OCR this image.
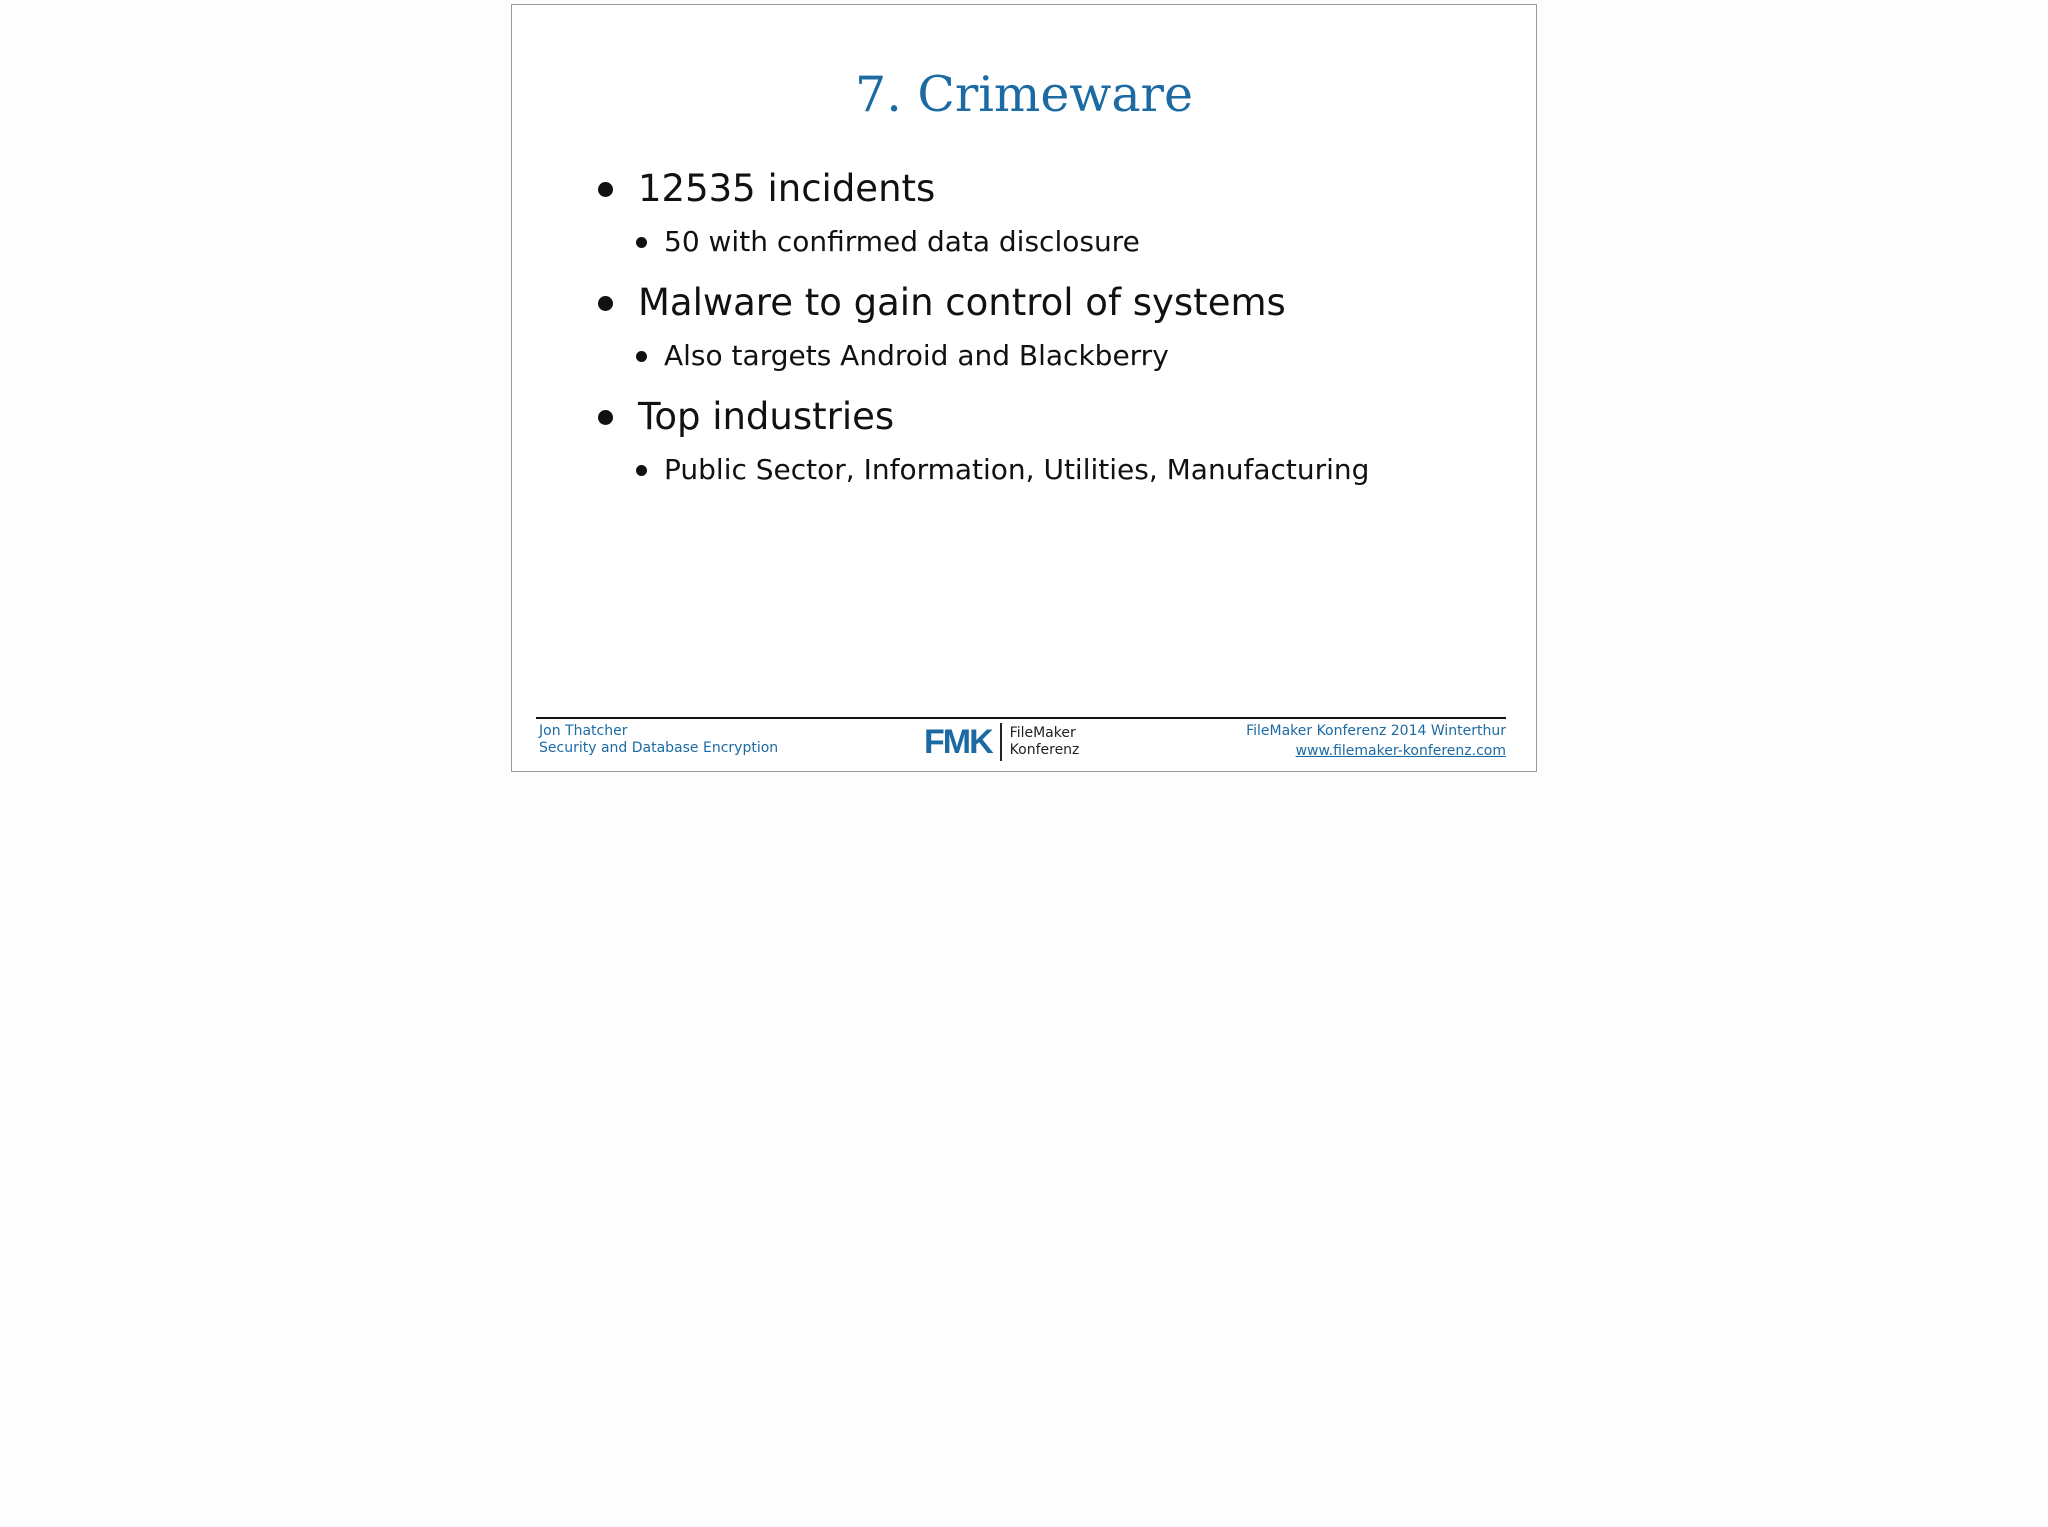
7. Crimeware
12535 incidents
50 with confirmed data disclosure
Malware to gain control of systems
Also targets Android and Blackberry
Top industries
Public Sector, Information, Utilities, Manufacturing
Jon Thatcher
Security and Database Encryption	FMK FileMaker
Konferenz
FileMaker Konferenz 2014 Winterthur
www.filemaker-konferenz.com
